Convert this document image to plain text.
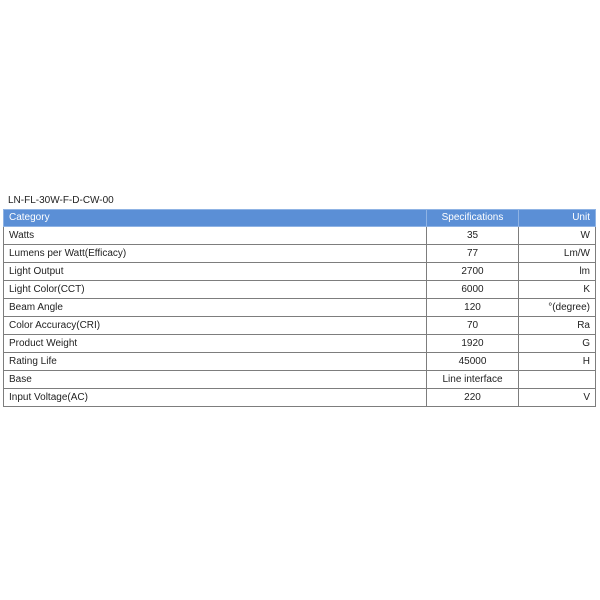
LN-FL-30W-F-D-CW-00
Category	Specifications	Unit
Watts	35	W
Lumens per Watt(Efficacy)	77	Lm/W
Light Output	2700	lm
Light Color(CCT)	6000	K
Beam Angle	120	°(degree)
Color Accuracy(CRI)	70	Ra
Product Weight	1920	G
Rating Life	45000	H
Base	Line interface	
Input Voltage(AC)	220	V
